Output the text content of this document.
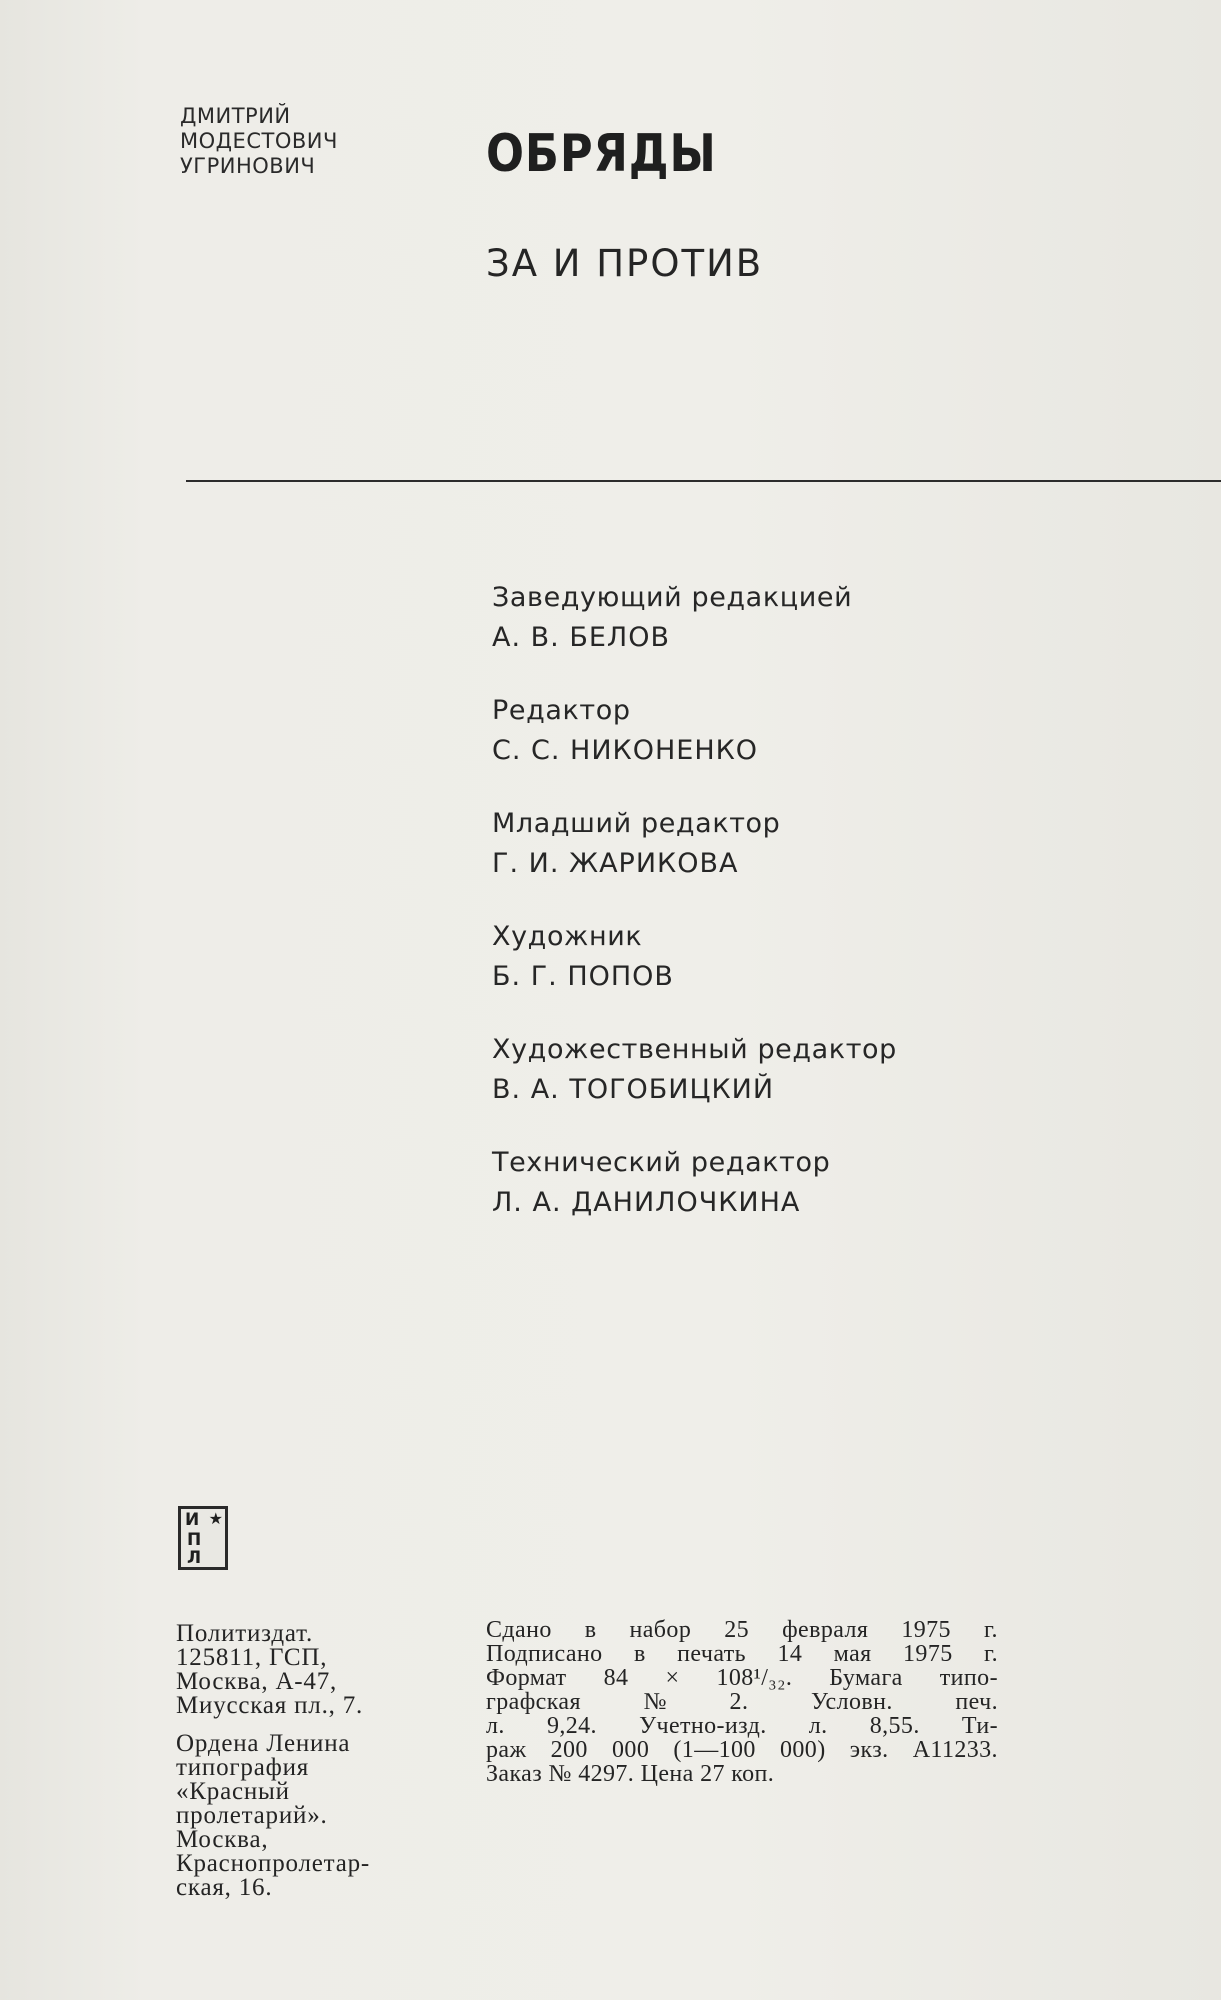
ДМИТРИЙ
МОДЕСТОВИЧ
УГРИНОВИЧ	ОБРЯДЫ
ЗА И ПРОТИВ
Заведующий редакцией
А. В. БЕЛОВ
Редактор
С. С. НИКОНЕНКО
Младший редактор
Г. И. ЖАРИКОВА
Художник
Б. Г. ПОПОВ
Художественный редактор
В. А. ТОГОБИЦКИЙ
Технический редактор
Л. А. ДАНИЛОЧКИНА
И ★
П
Л
Политиздат.
125811, ГСП,
Москва, А-47,
Миусская пл., 7.
Ордена Ленина
типография
«Красный
пролетарий».
Москва,
Краснопролетар-
ская, 16.
Сдано в набор 25 февраля 1975 г.
Подписано в печать 14 мая 1975 г.
Формат 84 × 108¹/₃₂. Бумага типо-
графская	№	2.	Условн.	печ.
л. 9,24. Учетно-изд. л. 8,55. Ти-
раж 200 000 (1—100 000) экз. А11233.
Заказ № 4297. Цена 27 коп.
